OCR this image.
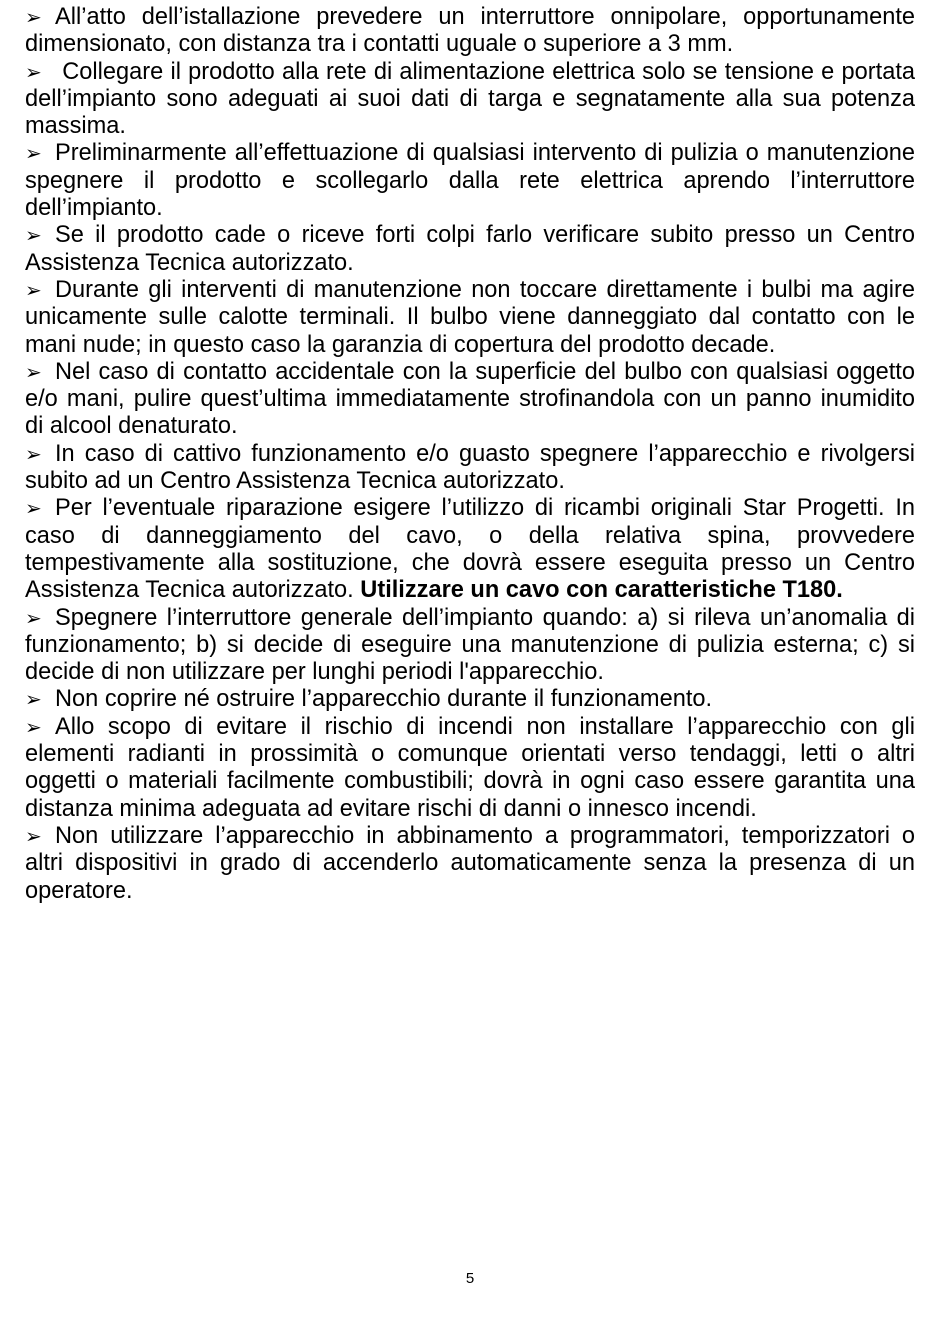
➢ All’atto dell’istallazione prevedere un interruttore onnipolare, opportunamente dimensionato, con distanza tra i contatti uguale o superiore a 3 mm.
➢ Collegare il prodotto alla rete di alimentazione elettrica solo se tensione e portata dell’impianto sono adeguati ai suoi dati di targa e segnatamente alla sua potenza massima.
➢ Preliminarmente all’effettuazione di qualsiasi intervento di pulizia o manutenzione spegnere il prodotto e scollegarlo dalla rete elettrica aprendo l’interruttore dell’impianto.
➢ Se il prodotto cade o riceve forti colpi farlo verificare subito presso un Centro Assistenza Tecnica autorizzato.
➢ Durante gli interventi di manutenzione non toccare direttamente i bulbi ma agire unicamente sulle calotte terminali. Il bulbo viene danneggiato dal contatto con le mani nude; in questo caso la garanzia di copertura del prodotto decade.
➢ Nel caso di contatto accidentale con la superficie del bulbo con qualsiasi oggetto e/o mani, pulire quest’ultima immediatamente strofinandola con un panno inumidito di alcool denaturato.
➢ In caso di cattivo funzionamento e/o guasto spegnere l’apparecchio e rivolgersi subito ad un Centro Assistenza Tecnica autorizzato.
➢ Per l’eventuale riparazione esigere l’utilizzo di ricambi originali Star Progetti. In caso di danneggiamento del cavo, o della relativa spina, provvedere tempestivamente alla sostituzione, che dovrà essere eseguita presso un Centro Assistenza Tecnica autorizzato. Utilizzare un cavo con caratteristiche T180.
➢ Spegnere l’interruttore generale dell’impianto quando: a) si rileva un’anomalia di funzionamento; b) si decide di eseguire una manutenzione di pulizia esterna; c) si decide di non utilizzare per lunghi periodi l'apparecchio.
➢ Non coprire né ostruire l’apparecchio durante il funzionamento.
➢ Allo scopo di evitare il rischio di incendi non installare l’apparecchio con gli elementi radianti in prossimità o comunque orientati verso tendaggi, letti o altri oggetti o materiali facilmente combustibili; dovrà in ogni caso essere garantita una distanza minima adeguata ad evitare rischi di danni o innesco incendi.
➢ Non utilizzare l’apparecchio in abbinamento a programmatori, temporizzatori o altri dispositivi in grado di accenderlo automaticamente senza la presenza di un operatore.
5
